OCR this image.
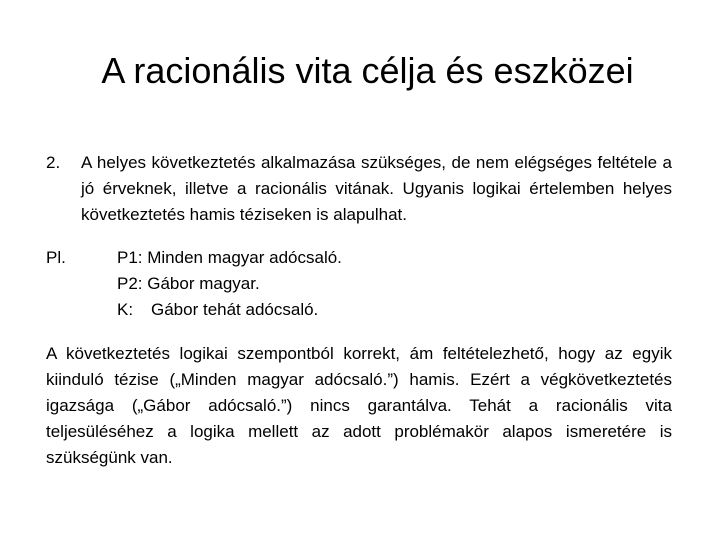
A racionális vita célja és eszközei
2. A helyes következtetés alkalmazása szükséges, de nem elégséges feltétele a jó érveknek, illetve a racionális vitának. Ugyanis logikai értelemben helyes következtetés hamis téziseken is alapulhat.
Pl.	P1: Minden magyar adócsaló.
P2: Gábor magyar.
K: Gábor tehát adócsaló.

A következtetés logikai szempontból korrekt, ám feltételezhető, hogy az egyik kiinduló tézise („Minden magyar adócsaló.”) hamis. Ezért a végkövetkeztetés igazsága („Gábor adócsaló.”) nincs garantálva. Tehát a racionális vita teljesüléséhez a logika mellett az adott problémakör alapos ismeretére is szükségünk van.
